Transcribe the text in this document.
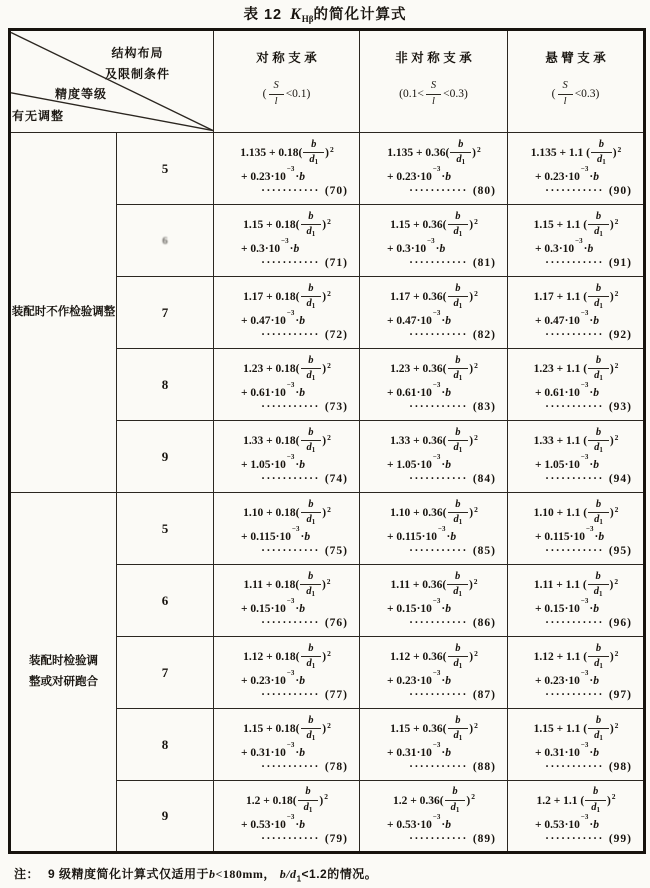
表 12 $K_{H\beta}$的简化计算式
结构布局
及限制条件
精度等级
有无调整

对 称 支 承
( $\frac{S}{l} <0.1$)

非 对 称 支 承
$(0.1< \frac{S}{l} <0.3)$

悬 臂 支 承
( $\frac{S}{l} <0.3$)

装配时不作检验调整
	5	
$1.135 + 0.18( \frac{b}{d_1} )^2$
+ $0.23\cdot 10^{-3}\cdot b$
··········· (70)

$1.135 + 0.36( \frac{b}{d_1} )^2$
+ $0.23\cdot 10^{-3}\cdot b$
··········· (80)

1.135 + 1.1 ( $\frac{b}{d_1} )^2$
+ $0.23\cdot 10^{-3}\cdot b$
··········· (90)

6	
$1.15 + 0.18( \frac{b}{d_1} )^2$
+ $0.3\cdot 10^{-3}\cdot b$
··········· (71)

$1.15 + 0.36( \frac{b}{d_1} )^2$
+ $0.3\cdot 10^{-3}\cdot b$
··········· (81)

1.15 + 1.1 ( $\frac{b}{d_1} )^2$
+ $0.3\cdot 10^{-3}\cdot b$
··········· (91)

7	
$1.17 + 0.18( \frac{b}{d_1} )^2$
+ $0.47\cdot 10^{-3}\cdot b$
··········· (72)

$1.17 + 0.36( \frac{b}{d_1} )^2$
+ $0.47\cdot 10^{-3}\cdot b$
··········· (82)

1.17 + 1.1 ( $\frac{b}{d_1} )^2$
+ $0.47\cdot 10^{-3}\cdot b$
··········· (92)

8	
$1.23 + 0.18( \frac{b}{d_1} )^2$
+ $0.61\cdot 10^{-3}\cdot b$
··········· (73)

$1.23 + 0.36( \frac{b}{d_1} )^2$
+ $0.61\cdot 10^{-3}\cdot b$
··········· (83)

1.23 + 1.1 ( $\frac{b}{d_1} )^2$
+ $0.61\cdot 10^{-3}\cdot b$
··········· (93)

9	
$1.33 + 0.18( \frac{b}{d_1} )^2$
+ $1.05\cdot 10^{-3}\cdot b$
··········· (74)

$1.33 + 0.36( \frac{b}{d_1} )^2$
+ $1.05\cdot 10^{-3}\cdot b$
··········· (84)

1.33 + 1.1 ( $\frac{b}{d_1} )^2$
+ $1.05\cdot 10^{-3}\cdot b$
··········· (94)

装配时检验调
整或对研跑合
	5	
$1.10 + 0.18( \frac{b}{d_1} )^2$
+ $0.115\cdot 10^{-3}\cdot b$
··········· (75)

$1.10 + 0.36( \frac{b}{d_1} )^2$
+ $0.115\cdot 10^{-3}\cdot b$
··········· (85)

1.10 + 1.1 ( $\frac{b}{d_1} )^2$
+ $0.115\cdot 10^{-3}\cdot b$
··········· (95)

6	
$1.11 + 0.18( \frac{b}{d_1} )^2$
+ $0.15\cdot 10^{-3}\cdot b$
··········· (76)

$1.11 + 0.36( \frac{b}{d_1} )^2$
+ $0.15\cdot 10^{-3}\cdot b$
··········· (86)

1.11 + 1.1 ( $\frac{b}{d_1} )^2$
+ $0.15\cdot 10^{-3}\cdot b$
··········· (96)

7	
$1.12 + 0.18( \frac{b}{d_1} )^2$
+ $0.23\cdot 10^{-3}\cdot b$
··········· (77)

$1.12 + 0.36( \frac{b}{d_1} )^2$
+ $0.23\cdot 10^{-3}\cdot b$
··········· (87)

1.12 + 1.1 ( $\frac{b}{d_1} )^2$
+ $0.23\cdot 10^{-3}\cdot b$
··········· (97)

8	
$1.15 + 0.18( \frac{b}{d_1} )^2$
+ $0.31\cdot 10^{-3}\cdot b$
··········· (78)

$1.15 + 0.36( \frac{b}{d_1} )^2$
+ $0.31\cdot 10^{-3}\cdot b$
··········· (88)

1.15 + 1.1 ( $\frac{b}{d_1} )^2$
+ $0.31\cdot 10^{-3}\cdot b$
··········· (98)

9	
$1.2 + 0.18( \frac{b}{d_1} )^2$
+ $0.53\cdot 10^{-3}\cdot b$
··········· (79)

$1.2 + 0.36( \frac{b}{d_1} )^2$
+ $0.53\cdot 10^{-3}\cdot b$
··········· (89)

1.2 + 1.1 ( $\frac{b}{d_1} )^2$
+ $0.53\cdot 10^{-3}\cdot b$
··········· (99)
注： 9 级精度简化计算式仅适用于b<180mm， $b/d_1<1.2$的情况。
